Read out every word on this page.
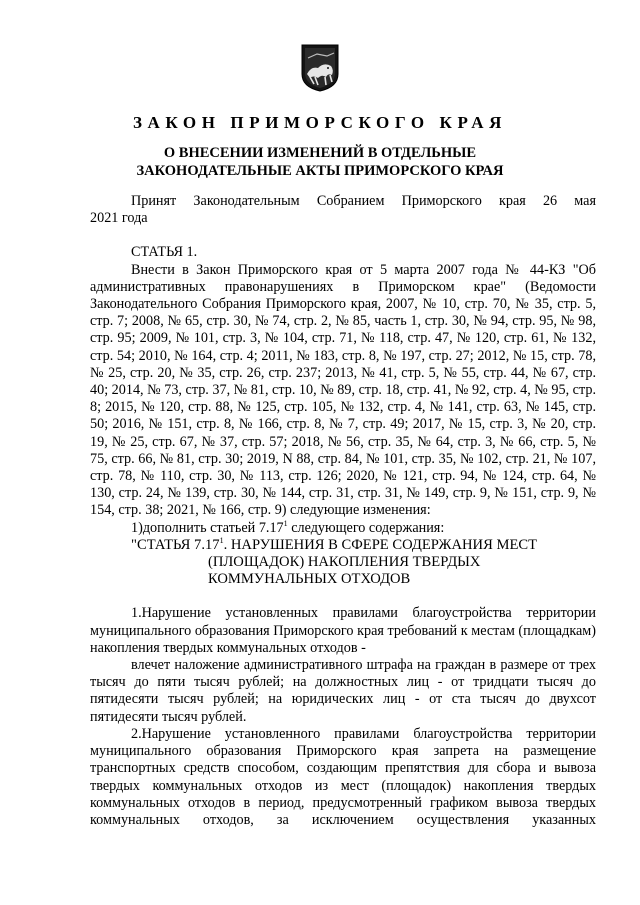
ЗАКОН ПРИМОРСКОГО КРАЯ
О ВНЕСЕНИИ ИЗМЕНЕНИЙ В ОТДЕЛЬНЫЕ
ЗАКОНОДАТЕЛЬНЫЕ АКТЫ ПРИМОРСКОГО КРАЯ

Принят Законодательным Собранием Приморского края 26 мая

2021 года

СТАТЬЯ 1.

Внести в Закон Приморского края от 5 марта 2007 года № 44-КЗ "Об административных правонарушениях в Приморском крае" (Ведомости Законодательного Собрания Приморского края, 2007, № 10, стр. 70, № 35, стр. 5, стр. 7; 2008, № 65, стр. 30, № 74, стр. 2, № 85, часть 1, стр. 30, № 94, стр. 95, № 98, стр. 95; 2009, № 101, стр. 3, № 104, стр. 71, № 118, стр. 47, № 120, стр. 61, № 132, стр. 54; 2010, № 164, стр. 4; 2011, № 183, стр. 8, № 197, стр. 27; 2012, № 15, стр. 78, № 25, стр. 20, № 35, стр. 26, стр. 237; 2013, № 41, стр. 5, № 55, стр. 44, № 67, стр. 40; 2014, № 73, стр. 37, № 81, стр. 10, № 89, стр. 18, стр. 41, № 92, стр. 4, № 95, стр. 8; 2015, № 120, стр. 88, № 125, стр. 105, № 132, стр. 4, № 141, стр. 63, № 145, стр. 50; 2016, № 151, стр. 8, № 166, стр. 8, № 7, стр. 49; 2017, № 15, стр. 3, № 20, стр. 19, № 25, стр. 67, № 37, стр. 57; 2018, № 56, стр. 35, № 64, стр. 3, № 66, стр. 5, № 75, стр. 66, № 81, стр. 30; 2019, N 88, стр. 84, № 101, стр. 35, № 102, стр. 21, № 107, стр. 78, № 110, стр. 30, № 113, стр. 126; 2020, № 121, стр. 94, № 124, стр. 64, № 130, стр. 24, № 139, стр. 30, № 144, стр. 31, стр. 31, № 149, стр. 9, № 151, стр. 9, № 154, стр. 38; 2021, № 166, стр. 9) следующие изменения:

1)дополнить статьей 7.17$^1$ следующего содержания:

"СТАТЬЯ 7.17$^1$. НАРУШЕНИЯ В СФЕРЕ СОДЕРЖАНИЯ МЕСТ

(ПЛОЩАДОК) НАКОПЛЕНИЯ ТВЕРДЫХ

КОММУНАЛЬНЫХ ОТХОДОВ

1.Нарушение установленных правилами благоустройства территории муниципального образования Приморского края требований к местам (площадкам) накопления твердых коммунальных отходов -

влечет наложение административного штрафа на граждан в размере от трех тысяч до пяти тысяч рублей; на должностных лиц - от тридцати тысяч до пятидесяти тысяч рублей; на юридических лиц - от ста тысяч до двухсот пятидесяти тысяч рублей.

2.Нарушение установленного правилами благоустройства территории муниципального образования Приморского края запрета на размещение транспортных средств способом, создающим препятствия для сбора и вывоза твердых коммунальных отходов из мест (площадок) накопления твердых коммунальных отходов в период, предусмотренный графиком вывоза твердых коммунальных отходов, за исключением осуществления указанных
